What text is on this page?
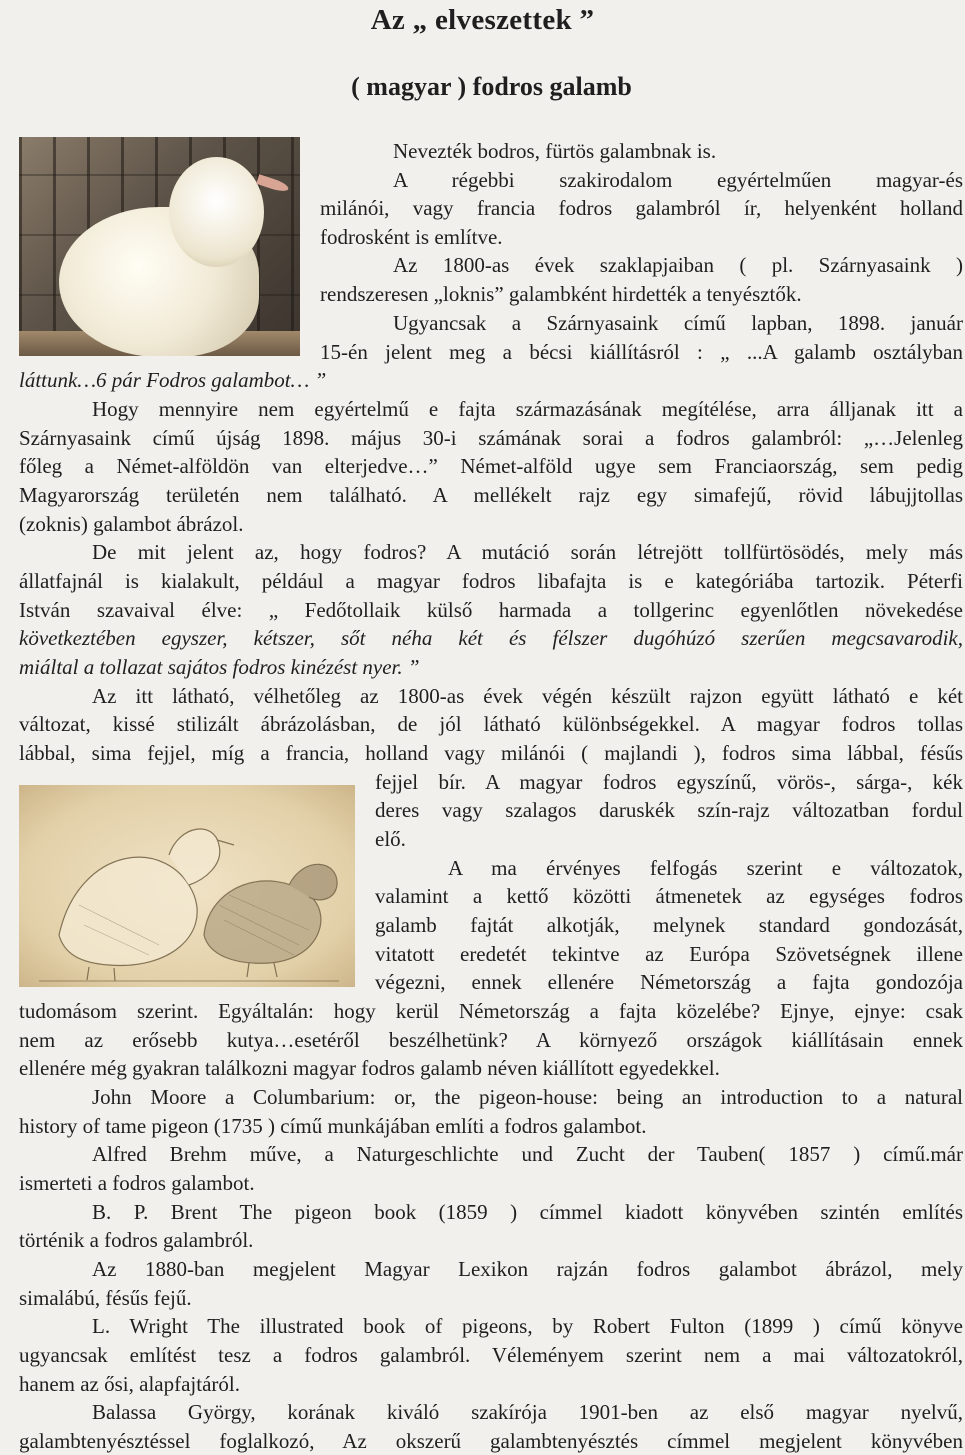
Az „ elveszettek ”
( magyar ) fodros galamb
Nevezték bodros, fürtös galambnak is.
A régebbi szakirodalom egyértelműen magyar-és
milánói, vagy francia fodros galambról ír, helyenként holland
fodrosként is említve.
Az 1800-as évek szaklapjaiban ( pl. Szárnyasaink )
rendszeresen „loknis” galambként hirdették a tenyésztők.
Ugyancsak a Szárnyasaink című lapban, 1898. január
15-én jelent meg a bécsi kiállításról : „ ...A galamb osztályban
láttunk…6 pár Fodros galambot… ”
Hogy mennyire nem egyértelmű e fajta származásának megítélése, arra álljanak itt a
Szárnyasaink című újság 1898. május 30-i számának sorai a fodros galambról: „…Jelenleg
főleg a Német-alföldön van elterjedve…” Német-alföld ugye sem Franciaország, sem pedig
Magyarország területén nem található. A mellékelt rajz egy simafejű, rövid lábujjtollas
(zoknis) galambot ábrázol.
De mit jelent az, hogy fodros? A mutáció során létrejött tollfürtösödés, mely más
állatfajnál is kialakult, például a magyar fodros libafajta is e kategóriába tartozik. Péterfi
István szavaival élve: „ Fedőtollaik külső harmada a tollgerinc egyenlőtlen növekedése
következtében egyszer, kétszer, sőt néha két és félszer dugóhúzó szerűen megcsavarodik,
miáltal a tollazat sajátos fodros kinézést nyer. ”
Az itt látható, vélhetőleg az 1800-as évek végén készült rajzon együtt látható e két
változat, kissé stilizált ábrázolásban, de jól látható különbségekkel. A magyar fodros tollas
lábbal, sima fejjel, míg a francia, holland vagy milánói ( majlandi ), fodros sima lábbal, fésűs
fejjel bír. A magyar fodros egyszínű, vörös-, sárga-, kék
deres vagy szalagos daruskék szín-rajz változatban fordul
elő.
A ma érvényes felfogás szerint e változatok,
valamint a kettő közötti átmenetek az egységes fodros
galamb fajtát alkotják, melynek standard gondozását,
vitatott eredetét tekintve az Európa Szövetségnek illene
végezni, ennek ellenére Németország a fajta gondozója
tudomásom szerint. Egyáltalán: hogy kerül Németország a fajta közelébe? Ejnye, ejnye: csak
nem az erősebb kutya…esetéről beszélhetünk? A környező országok kiállításain ennek
ellenére még gyakran találkozni magyar fodros galamb néven kiállított egyedekkel.
John Moore a Columbarium: or, the pigeon-house: being an introduction to a natural
history of tame pigeon (1735 ) című munkájában említi a fodros galambot.
Alfred Brehm műve, a Naturgeschlichte und Zucht der Tauben( 1857 ) című.már
ismerteti a fodros galambot.
B. P. Brent The pigeon book (1859 ) címmel kiadott könyvében szintén említés
történik a fodros galambról.
Az 1880-ban megjelent Magyar Lexikon rajzán fodros galambot ábrázol, mely
simalábú, fésűs fejű.
L. Wright The illustrated book of pigeons, by Robert Fulton (1899 ) című könyve
ugyancsak említést tesz a fodros galambról. Véleményem szerint nem a mai változatokról,
hanem az ősi, alapfajtáról.
Balassa György, korának kiváló szakírója 1901-ben az első magyar nyelvű,
galambtenyésztéssel foglalkozó, Az okszerű galambtenyésztés címmel megjelent könyvében
